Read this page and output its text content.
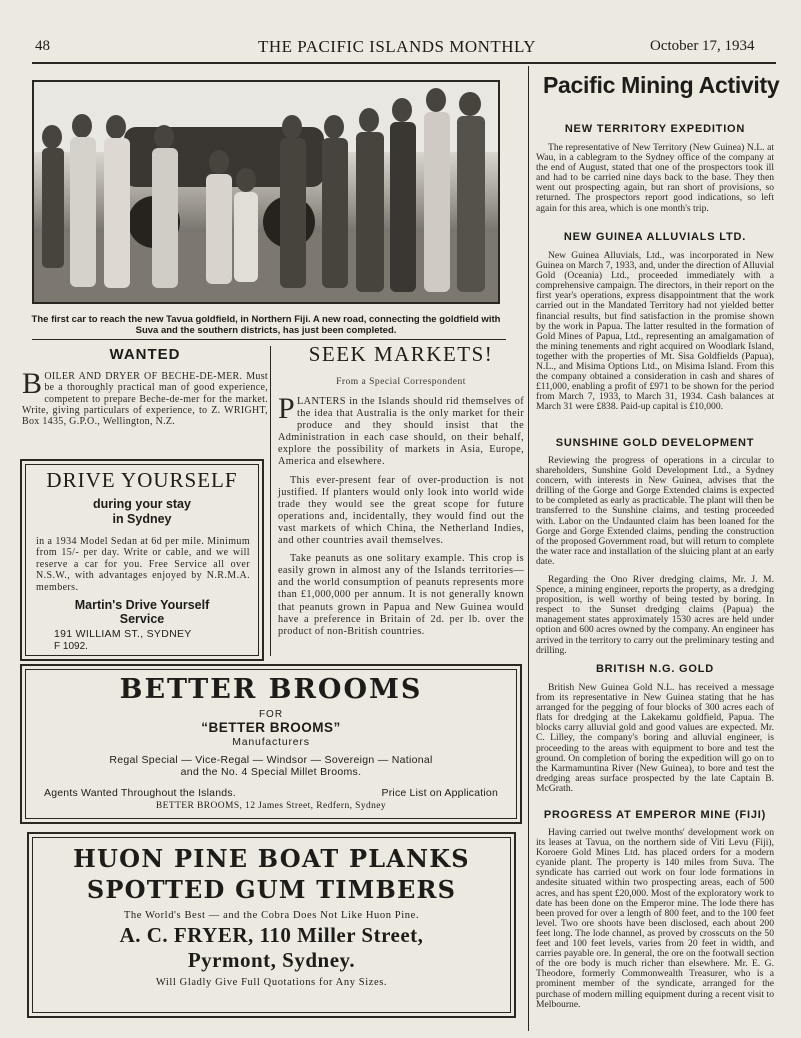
48	THE PACIFIC ISLANDS MONTHLY	October 17, 1934
The first car to reach the new Tavua goldfield, in Northern Fiji. A new road, connecting the goldfield with Suva and the southern districts, has just been completed.
WANTED
B OILER AND DRYER OF BECHE-DE-MER. Must be a thoroughly practical man of good experience, competent to prepare Beche-de-mer for the market. Write, giving particulars of experience, to Z. WRIGHT, Box 1435, G.P.O., Wellington, N.Z.
SEEK MARKETS!
From a Special Correspondent
P LANTERS in the Islands should rid themselves of the idea that Australia is the only market for their produce and they should insist that the Administration in each case should, on their behalf, explore the possibility of markets in Asia, Europe, America and elsewhere.
This ever-present fear of over-production is not justified. If planters would only look into world wide trade they would see the great scope for future operations and, incidentally, they would find out the vast markets of which China, the Netherland Indies, and other countries avail themselves.
Take peanuts as one solitary example. This crop is easily grown in almost any of the Islands territories—and the world consumption of peanuts represents more than £1,000,000 per annum. It is not generally known that peanuts grown in Papua and New Guinea would have a preference in Britain of 2d. per lb. over the product of non-British countries.
DRIVE YOURSELF
during your stay
in Sydney
in a 1934 Model Sedan at 6d per mile. Minimum from 15/- per day. Write or cable, and we will reserve a car for you. Free Service all over N.S.W., with advantages enjoyed by N.R.M.A. members.
Martin's Drive Yourself
Service
191 WILLIAM ST., SYDNEY
F 1092.
BETTER BROOMS
FOR
“BETTER BROOMS”
Manufacturers
Regal Special — Vice-Regal — Windsor — Sovereign — National
and the No. 4 Special Millet Brooms.
Agents Wanted Throughout the Islands.	Price List on Application
BETTER BROOMS, 12 James Street, Redfern, Sydney
HUON PINE BOAT PLANKS
SPOTTED GUM TIMBERS
The World's Best — and the Cobra Does Not Like Huon Pine.
A. C. FRYER, 110 Miller Street,
Pyrmont, Sydney.
Will Gladly Give Full Quotations for Any Sizes.
Pacific Mining Activity
NEW TERRITORY EXPEDITION
The representative of New Territory (New Guinea) N.L. at Wau, in a cablegram to the Sydney office of the company at the end of August, stated that one of the prospectors took ill and had to be carried nine days back to the base. They then went out prospecting again, but ran short of provisions, so returned. The prospectors report good indications, so left again for this area, which is one month's trip.
NEW GUINEA ALLUVIALS LTD.
New Guinea Alluvials, Ltd., was incorporated in New Guinea on March 7, 1933, and, under the direction of Alluvial Gold (Oceania) Ltd., proceeded immediately with a comprehensive campaign. The directors, in their report on the first year's operations, express disappointment that the work carried out in the Mandated Territory had not yielded better financial results, but find satisfaction in the promise shown by the work in Papua. The latter resulted in the formation of Gold Mines of Papua, Ltd., representing an amalgamation of the mining tenements and right acquired on Woodlark Island, together with the properties of Mt. Sisa Goldfields (Papua), N.L., and Misima Options Ltd., on Misima Island. From this the company obtained a consideration in cash and shares of £11,000, enabling a profit of £971 to be shown for the period from March 7, 1933, to March 31, 1934. Cash balances at March 31 were £838. Paid-up capital is £10,000.
SUNSHINE GOLD DEVELOPMENT
Reviewing the progress of operations in a circular to shareholders, Sunshine Gold Development Ltd., a Sydney concern, with interests in New Guinea, advises that the drilling of the Gorge and Gorge Extended claims is expected to be completed as early as practicable. The plant will then be transferred to the Sunshine claims, and testing proceeded with. Labor on the Undaunted claim has been loaned for the Gorge and Gorge Extended claims, pending the construction of the proposed Government road, but will return to complete the water race and installation of the sluicing plant at an early date.
Regarding the Ono River dredging claims, Mr. J. M. Spence, a mining engineer, reports the property, as a dredging proposition, is well worthy of being tested by boring. In respect to the Sunset dredging claims (Papua) the management states approximately 1530 acres are held under option and 600 acres owned by the company. An engineer has arrived in the territory to carry out the preliminary testing and drilling.
BRITISH N.G. GOLD
British New Guinea Gold N.L. has received a message from its representative in New Guinea stating that he has arranged for the pegging of four blocks of 300 acres each of flats for dredging at the Lakekamu goldfield, Papua. The blocks carry alluvial gold and good values are expected. Mr. C. Lilley, the company's boring and alluvial engineer, is proceeding to the areas with equipment to bore and test the ground. On completion of boring the expedition will go on to the Karmamuntina River (New Guinea), to bore and test the dredging areas surface prospected by the late Captain B. McGrath.
PROGRESS AT EMPEROR MINE (FIJI)
Having carried out twelve months' development work on its leases at Tavua, on the northern side of Viti Levu (Fiji), Koroere Gold Mines Ltd. has placed orders for a modern cyanide plant. The property is 140 miles from Suva. The syndicate has carried out work on four lode formations in andesite situated within two prospecting areas, each of 500 acres, and has spent £20,000. Most of the exploratory work to date has been done on the Emperor mine. The lode there has been proved for over a length of 800 feet, and to the 100 feet level. Two ore shoots have been disclosed, each about 200 feet long. The lode channel, as proved by crosscuts on the 50 feet and 100 feet levels, varies from 20 feet in width, and carries payable ore. In general, the ore on the footwall section of the ore body is much richer than elsewhere. Mr. E. G. Theodore, formerly Commonwealth Treasurer, who is a prominent member of the syndicate, arranged for the purchase of modern milling equipment during a recent visit to Melbourne.
